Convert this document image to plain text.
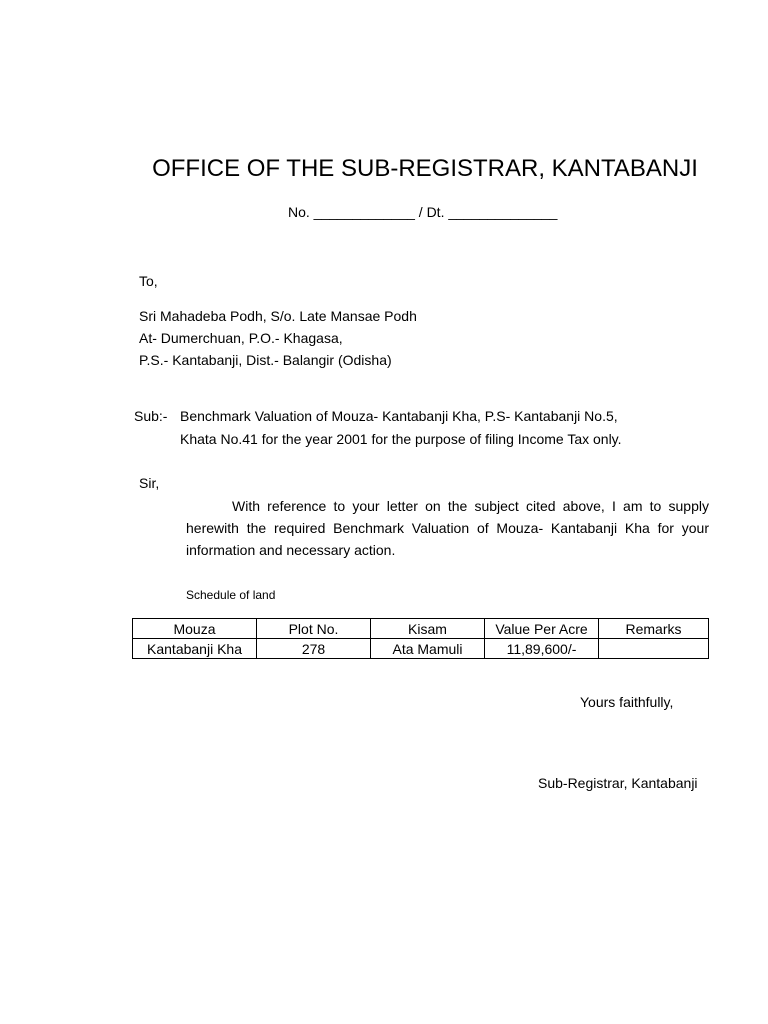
OFFICE OF THE SUB-REGISTRAR, KANTABANJI
No. _____________ / Dt. ______________
To,
Sri Mahadeba Podh, S/o. Late Mansae Podh
At- Dumerchuan, P.O.- Khagasa,
P.S.- Kantabanji, Dist.- Balangir (Odisha)
Sub:- Benchmark Valuation of Mouza- Kantabanji Kha, P.S- Kantabanji No.5,
Khata No.41 for the year 2001 for the purpose of filing Income Tax only.
Sir,
With reference to your letter on the subject cited above, I am to supply herewith the required Benchmark Valuation of Mouza- Kantabanji Kha for your information and necessary action.
Schedule of land
Mouza	Plot No.	Kisam	Value Per Acre	Remarks
Kantabanji Kha	278	Ata Mamuli	11,89,600/-	
Yours faithfully,
Sub-Registrar, Kantabanji
